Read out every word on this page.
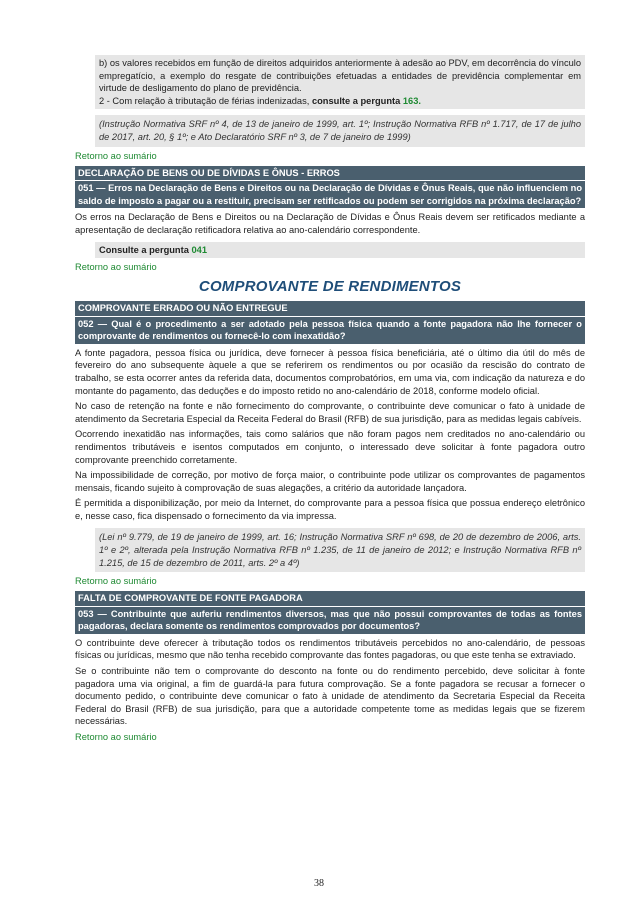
b) os valores recebidos em função de direitos adquiridos anteriormente à adesão ao PDV, em decorrência do vínculo empregatício, a exemplo do resgate de contribuições efetuadas a entidades de previdência complementar em virtude de desligamento do plano de previdência.

2 - Com relação à tributação de férias indenizadas, consulte a pergunta 163.

(Instrução Normativa SRF nº 4, de 13 de janeiro de 1999, art. 1º; Instrução Normativa RFB nº 1.717, de 17 de julho de 2017, art. 20, § 1º; e Ato Declaratório SRF nº 3, de 7 de janeiro de 1999)

Retorno ao sumário
DECLARAÇÃO DE BENS OU DE DÍVIDAS E ÔNUS - ERROS
051 — Erros na Declaração de Bens e Direitos ou na Declaração de Dívidas e Ônus Reais, que não influenciem no saldo de imposto a pagar ou a restituir, precisam ser retificados ou podem ser corrigidos na próxima declaração?

Os erros na Declaração de Bens e Direitos ou na Declaração de Dívidas e Ônus Reais devem ser retificados mediante a apresentação de declaração retificadora relativa ao ano-calendário correspondente.

Consulte a pergunta 041
Retorno ao sumário
COMPROVANTE DE RENDIMENTOS
COMPROVANTE ERRADO OU NÃO ENTREGUE
052 — Qual é o procedimento a ser adotado pela pessoa física quando a fonte pagadora não lhe fornecer o comprovante de rendimentos ou fornecê-lo com inexatidão?

A fonte pagadora, pessoa física ou jurídica, deve fornecer à pessoa física beneficiária, até o último dia útil do mês de fevereiro do ano subsequente àquele a que se referirem os rendimentos ou por ocasião da rescisão do contrato de trabalho, se esta ocorrer antes da referida data, documentos comprobatórios, em uma via, com indicação da natureza e do montante do pagamento, das deduções e do imposto retido no ano-calendário de 2018, conforme modelo oficial.

No caso de retenção na fonte e não fornecimento do comprovante, o contribuinte deve comunicar o fato à unidade de atendimento da Secretaria Especial da Receita Federal do Brasil (RFB) de sua jurisdição, para as medidas legais cabíveis.

Ocorrendo inexatidão nas informações, tais como salários que não foram pagos nem creditados no ano-calendário ou rendimentos tributáveis e isentos computados em conjunto, o interessado deve solicitar à fonte pagadora outro comprovante preenchido corretamente.

Na impossibilidade de correção, por motivo de força maior, o contribuinte pode utilizar os comprovantes de pagamentos mensais, ficando sujeito à comprovação de suas alegações, a critério da autoridade lançadora.

É permitida a disponibilização, por meio da Internet, do comprovante para a pessoa física que possua endereço eletrônico e, nesse caso, fica dispensado o fornecimento da via impressa.

(Lei nº 9.779, de 19 de janeiro de 1999, art. 16; Instrução Normativa SRF nº 698, de 20 de dezembro de 2006, arts. 1º e 2º, alterada pela Instrução Normativa RFB nº 1.235, de 11 de janeiro de 2012; e Instrução Normativa RFB nº 1.215, de 15 de dezembro de 2011, arts. 2º a 4º)

Retorno ao sumário
FALTA DE COMPROVANTE DE FONTE PAGADORA
053 — Contribuinte que auferiu rendimentos diversos, mas que não possui comprovantes de todas as fontes pagadoras, declara somente os rendimentos comprovados por documentos?

O contribuinte deve oferecer à tributação todos os rendimentos tributáveis percebidos no ano-calendário, de pessoas físicas ou jurídicas, mesmo que não tenha recebido comprovante das fontes pagadoras, ou que este tenha se extraviado.

Se o contribuinte não tem o comprovante do desconto na fonte ou do rendimento percebido, deve solicitar à fonte pagadora uma via original, a fim de guardá-la para futura comprovação. Se a fonte pagadora se recusar a fornecer o documento pedido, o contribuinte deve comunicar o fato à unidade de atendimento da Secretaria Especial da Receita Federal do Brasil (RFB) de sua jurisdição, para que a autoridade competente tome as medidas legais que se fizerem necessárias.

Retorno ao sumário
38
